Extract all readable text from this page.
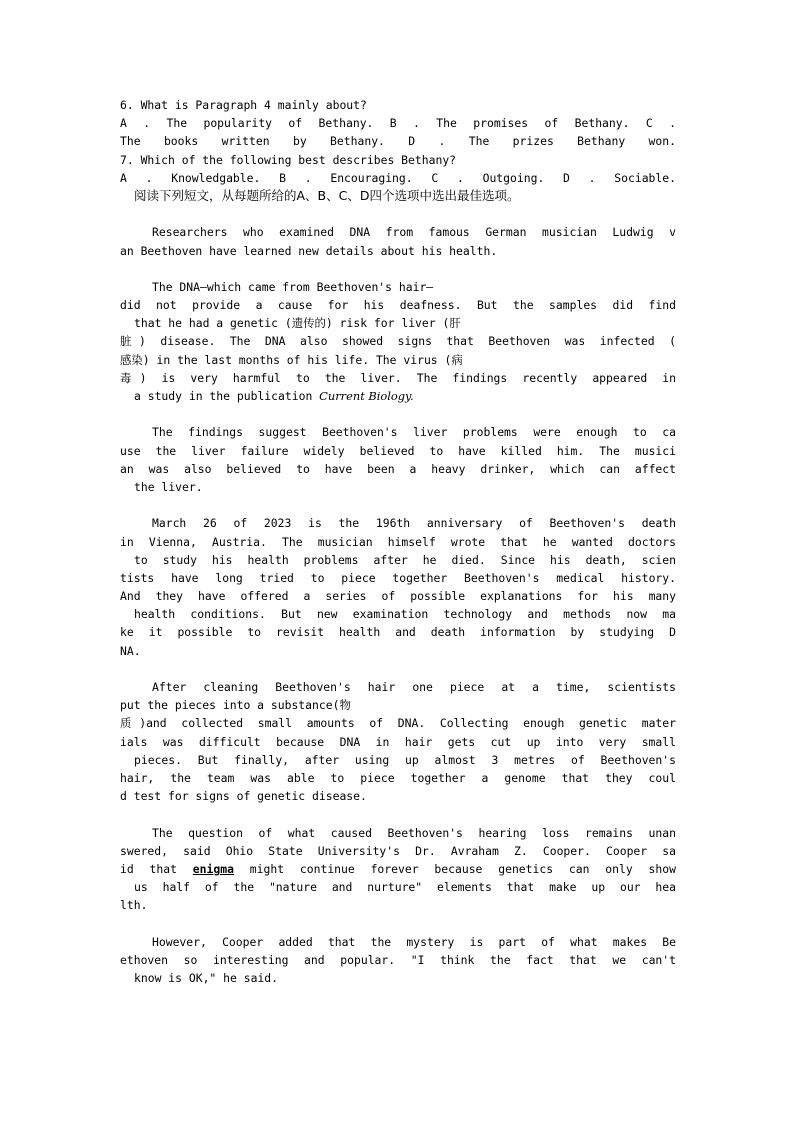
6. What is Paragraph 4 mainly about?
A . The popularity of Bethany. B . The promises of Bethany. C .
The books written by Bethany. D . The prizes Bethany won.
7. Which of the following best describes Bethany?
A . Knowledgable. B . Encouraging. C . Outgoing. D . Sociable.
阅读下列短文，从每题所给的A、B、C、D四个选项中选出最佳选项。
Researchers who examined DNA from famous German musician Ludwig v
an Beethoven have learned new details about his health.
The DNA—which came from Beethoven's hair—
did not provide a cause for his deafness. But the samples did find
that he had a genetic (遗传的) risk for liver (肝
脏) disease. The DNA also showed signs that Beethoven was infected (
感染) in the last months of his life. The virus (病
毒) is very harmful to the liver. The findings recently appeared in
a study in the publication Current Biology.
The findings suggest Beethoven's liver problems were enough to ca
use the liver failure widely believed to have killed him. The musici
an was also believed to have been a heavy drinker, which can affect
the liver.
March 26 of 2023 is the 196th anniversary of Beethoven's death
in Vienna, Austria. The musician himself wrote that he wanted doctors
to study his health problems after he died. Since his death, scien
tists have long tried to piece together Beethoven's medical history.
And they have offered a series of possible explanations for his many
health conditions. But new examination technology and methods now ma
ke it possible to revisit health and death information by studying D
NA.
After cleaning Beethoven's hair one piece at a time, scientists
put the pieces into a substance(物
质)and collected small amounts of DNA. Collecting enough genetic mater
ials was difficult because DNA in hair gets cut up into very small
pieces. But finally, after using up almost 3 metres of Beethoven's
hair, the team was able to piece together a genome that they coul
d test for signs of genetic disease.
The question of what caused Beethoven's hearing loss remains unan
swered, said Ohio State University's Dr. Avraham Z. Cooper. Cooper sa
id that enigma might continue forever because genetics can only show
us half of the "nature and nurture" elements that make up our hea
lth.
However, Cooper added that the mystery is part of what makes Be
ethoven so interesting and popular. "I think the fact that we can't
know is OK," he said.
